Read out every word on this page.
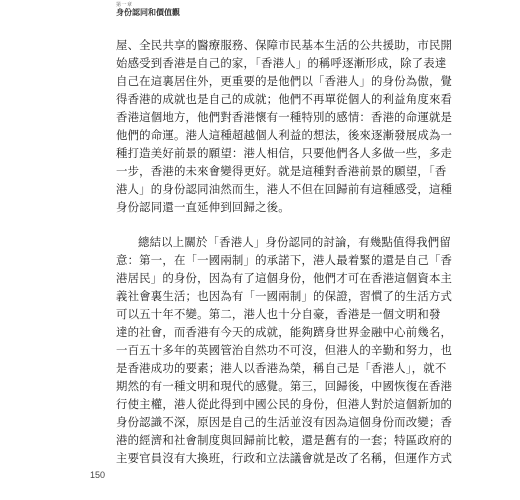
第一章
身份認同和價值觀
屋、全民共享的醫療服務、保障市民基本生活的公共援助，市民開
始感受到香港是自己的家，「香港人」的稱呼逐漸形成，除了表達
自己在這裏居住外，更重要的是他們以「香港人」的身份為傲，覺
得香港的成就也是自己的成就；他們不再單從個人的利益角度來看
香港這個地方，他們對香港懷有一種特別的感情：香港的命運就是
他們的命運。港人這種超越個人利益的想法，後來逐漸發展成為一
種打造美好前景的願望：港人相信，只要他們各人多做一些，多走
一步，香港的未來會變得更好。就是這種對香港前景的願望，「香
港人」的身份認同油然而生，港人不但在回歸前有這種感受，這種
身份認同還一直延伸到回歸之後。
總結以上關於「香港人」身份認同的討論，有幾點值得我們留
意：第一，在「一國兩制」的承諾下，港人最着緊的還是自己「香
港居民」的身份，因為有了這個身份，他們才可在香港這個資本主
義社會裏生活；也因為有「一國兩制」的保證，習慣了的生活方式
可以五十年不變。第二，港人也十分自豪，香港是一個文明和發
達的社會，而香港有今天的成就，能夠躋身世界金融中心前幾名，
一百五十多年的英國管治自然功不可沒，但港人的辛勤和努力，也
是香港成功的要素；港人以香港為榮，稱自己是「香港人」，就不
期然的有一種文明和現代的感覺。第三，回歸後，中國恢復在香港
行使主權，港人從此得到中國公民的身份，但港人對於這個新加的
身份認識不深，原因是自己的生活並沒有因為這個身份而改變；香
港的經濟和社會制度與回歸前比較，還是舊有的一套；特區政府的
主要官員沒有大換班，行政和立法議會就是改了名稱，但運作方式
150
